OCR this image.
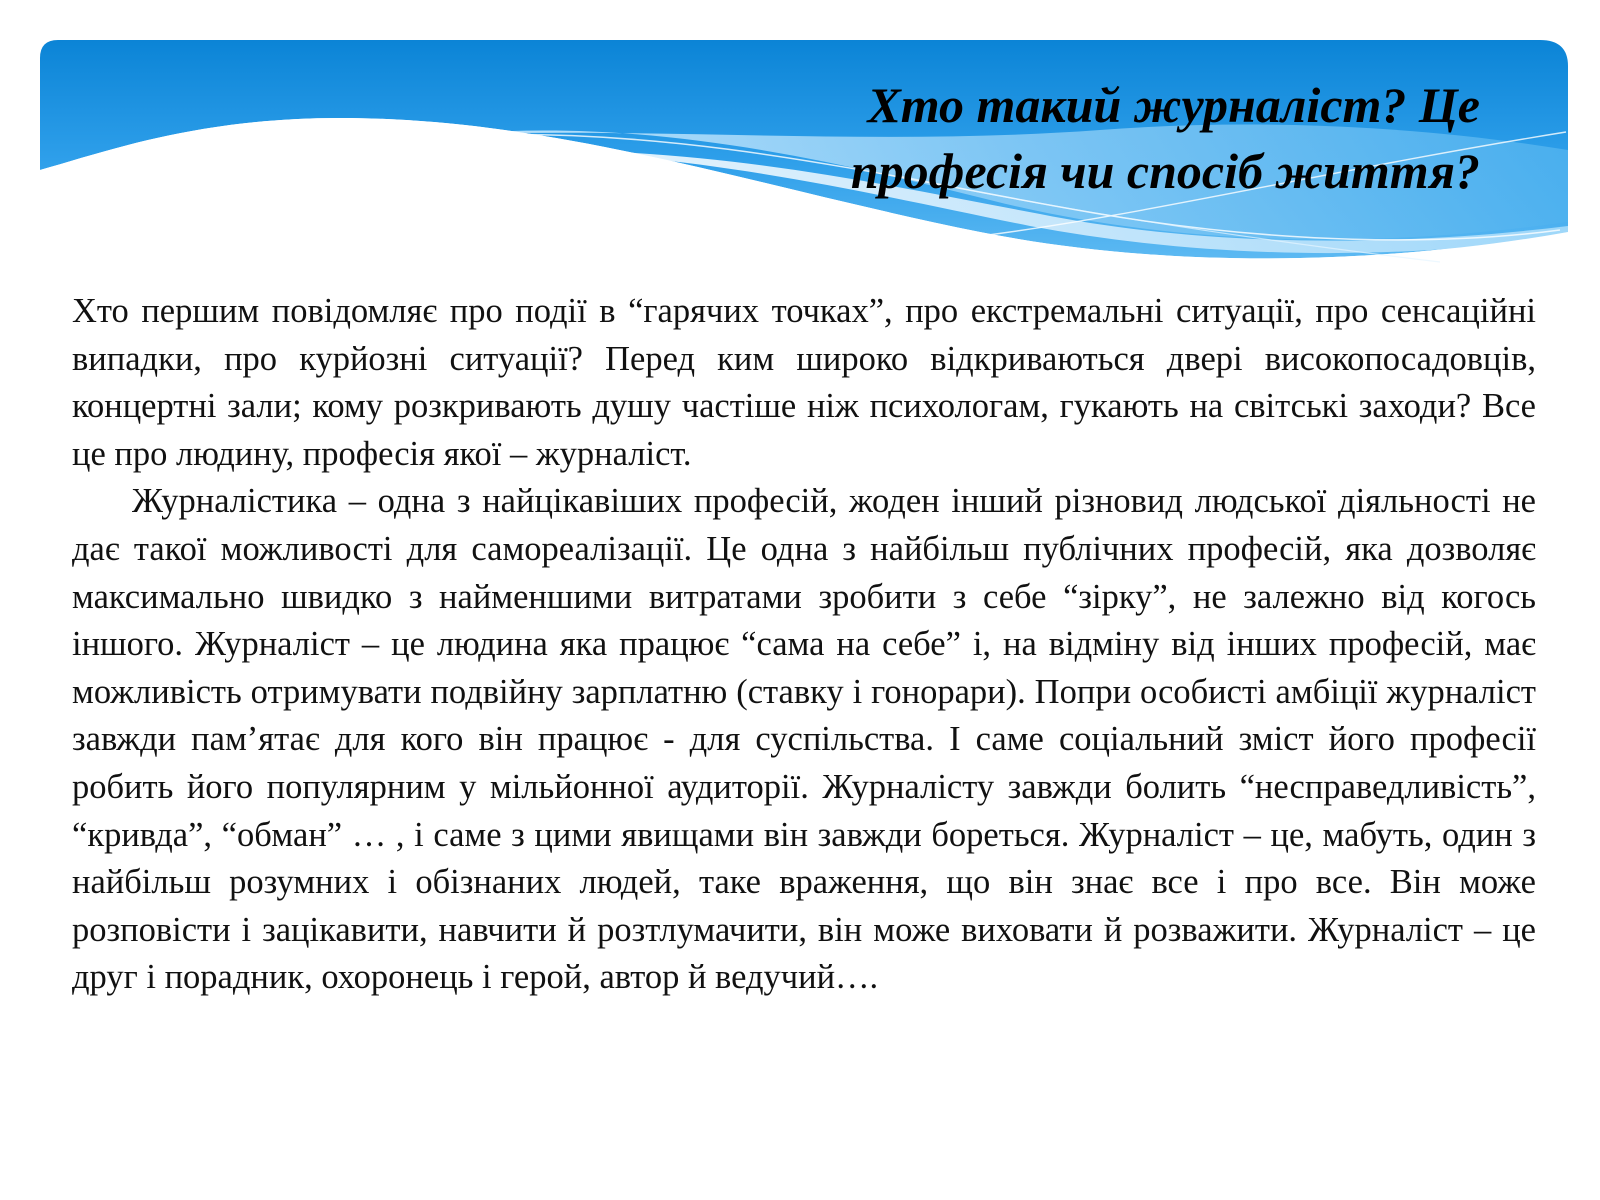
Хто такий журналіст? Це професія чи спосіб життя?

Хто першим повідомляє про події в “гарячих точках”, про екстремальні ситуації, про сенсаційні випадки, про курйозні ситуації? Перед ким широко відкриваються двері високопосадовців, концертні зали; кому розкривають душу частіше ніж психологам, гукають на світські заходи? Все це про людину, професія якої – журналіст.

Журналістика – одна з найцікавіших професій, жоден інший різновид людської діяльності не дає такої можливості для самореалізації. Це одна з найбільш публічних професій, яка дозволяє максимально швидко з найменшими витратами зробити з себе “зірку”, не залежно від когось іншого. Журналіст – це людина яка працює “сама на себе” і, на відміну від інших професій, має можливість отримувати подвійну зарплатню (ставку і гонорари). Попри особисті амбіції журналіст завжди пам’ятає для кого він працює - для суспільства. І саме соціальний зміст його професії робить його популярним у мільйонної аудиторії. Журналісту завжди болить “несправедливість”, “кривда”, “обман” … , і саме з цими явищами він завжди бореться. Журналіст – це, мабуть, один з найбільш розумних і обізнаних людей, таке враження, що він знає все і про все. Він може розповісти і зацікавити, навчити й розтлумачити, він може виховати й розважити. Журналіст – це друг і порадник, охоронець і герой, автор й ведучий….
